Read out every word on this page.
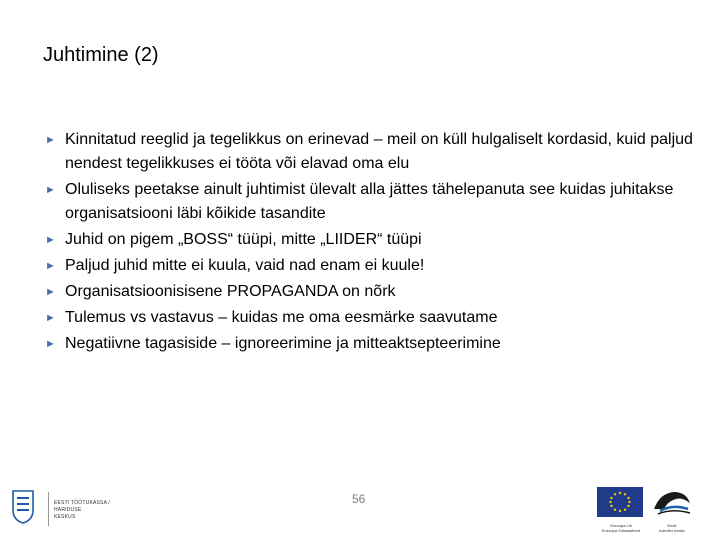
Juhtimine (2)
► Kinnitatud reeglid ja tegelikkus on erinevad – meil on küll hulgaliselt kordasid, kuid paljud nendest tegelikkuses ei tööta või elavad oma elu
► Oluliseks peetakse ainult juhtimist ülevalt alla jättes tähelepanuta see kuidas juhitakse organisatsiooni läbi kõikide tasandite
► Juhid on pigem „BOSS“ tüüpi, mitte „LIIDER“ tüüpi
► Paljud juhid mitte ei kuula, vaid nad enam ei kuule!
► Organisatsioonisisene PROPAGANDA on nõrk
► Tulemus vs vastavus – kuidas me oma eesmärke saavutame
► Negatiivne tagasiside – ignoreerimine ja mitteaktsepteerimine
EESTI TÖÖTUKASSA / HARIDUSE
KESKUS
56
Euroopa Liit
Euroopa Sotsiaalfond
Eesti
tuleviku heaks
